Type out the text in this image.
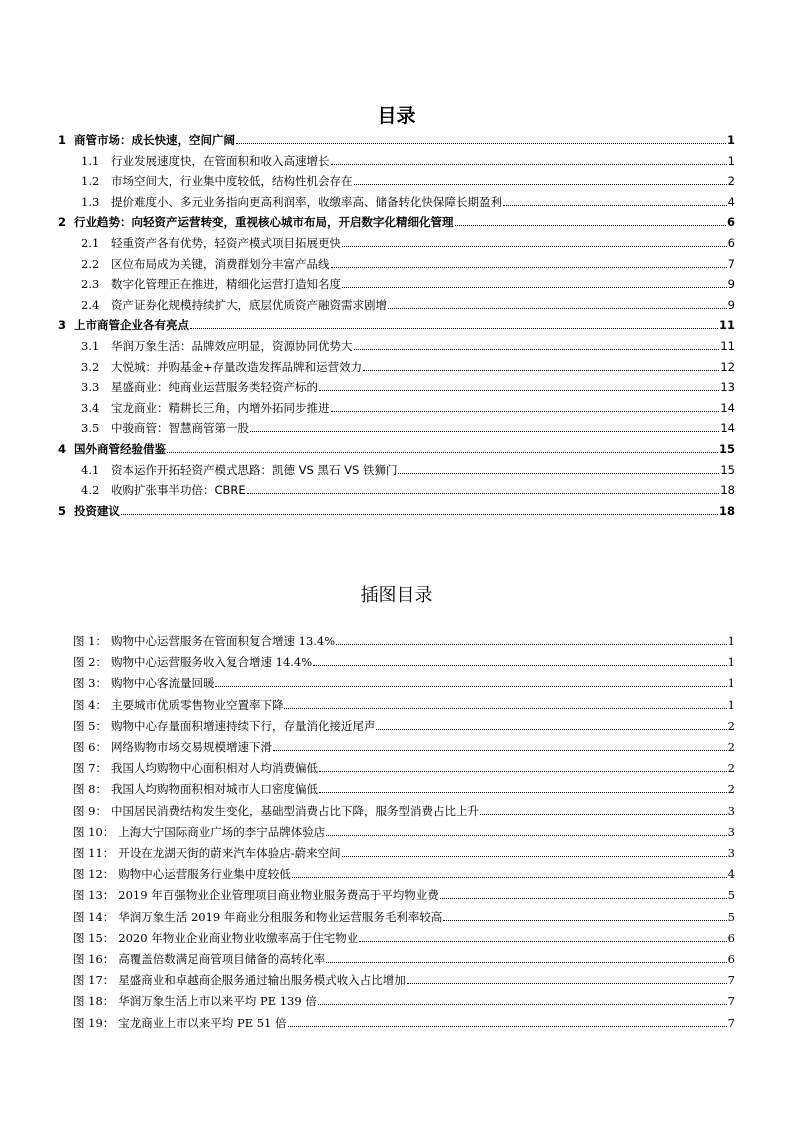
目录
1 商管市场：成长快速，空间广阔	1
1.1	行业发展速度快，在管面积和收入高速增长	1
1.2	市场空间大，行业集中度较低，结构性机会存在	2
1.3	提价难度小、多元业务指向更高利润率，收缴率高、储备转化快保障长期盈利	4
2 行业趋势：向轻资产运营转变，重视核心城市布局，开启数字化精细化管理	6
2.1	轻重资产各有优势，轻资产模式项目拓展更快	6
2.2	区位布局成为关键，消费群划分丰富产品线	7
2.3	数字化管理正在推进，精细化运营打造知名度	9
2.4	资产证券化规模持续扩大，底层优质资产融资需求剧增	9
3 上市商管企业各有亮点	11
3.1	华润万象生活：品牌效应明显，资源协同优势大	11
3.2	大悦城：并购基金+存量改造发挥品牌和运营效力	12
3.3	星盛商业：纯商业运营服务类轻资产标的	13
3.4	宝龙商业：精耕长三角，内增外拓同步推进	14
3.5	中骏商管：智慧商管第一股	14
4 国外商管经验借鉴	15
4.1	资本运作开拓轻资产模式思路：凯德 VS 黑石 VS 铁狮门	15
4.2	收购扩张事半功倍：CBRE	18
5 投资建议	18
插图目录
图 1： 购物中心运营服务在管面积复合增速 13.4%	1
图 2： 购物中心运营服务收入复合增速 14.4%	1
图 3： 购物中心客流量回暖	1
图 4： 主要城市优质零售物业空置率下降	1
图 5： 购物中心存量面积增速持续下行，存量消化接近尾声	2
图 6： 网络购物市场交易规模增速下滑	2
图 7： 我国人均购物中心面积相对人均消费偏低	2
图 8： 我国人均购物面积相对城市人口密度偏低	2
图 9： 中国居民消费结构发生变化，基础型消费占比下降，服务型消费占比上升	3
图 10： 上海大宁国际商业广场的李宁品牌体验店	3
图 11： 开设在龙湖天街的蔚来汽车体验店-蔚来空间	3
图 12： 购物中心运营服务行业集中度较低	4
图 13： 2019 年百强物业企业管理项目商业物业服务费高于平均物业费	5
图 14： 华润万象生活 2019 年商业分租服务和物业运营服务毛利率较高	5
图 15： 2020 年物业企业商业物业收缴率高于住宅物业	6
图 16： 高覆盖倍数满足商管项目储备的高转化率	6
图 17： 星盛商业和卓越商企服务通过输出服务模式收入占比增加	7
图 18： 华润万象生活上市以来平均 PE 139 倍	7
图 19： 宝龙商业上市以来平均 PE 51 倍	7
